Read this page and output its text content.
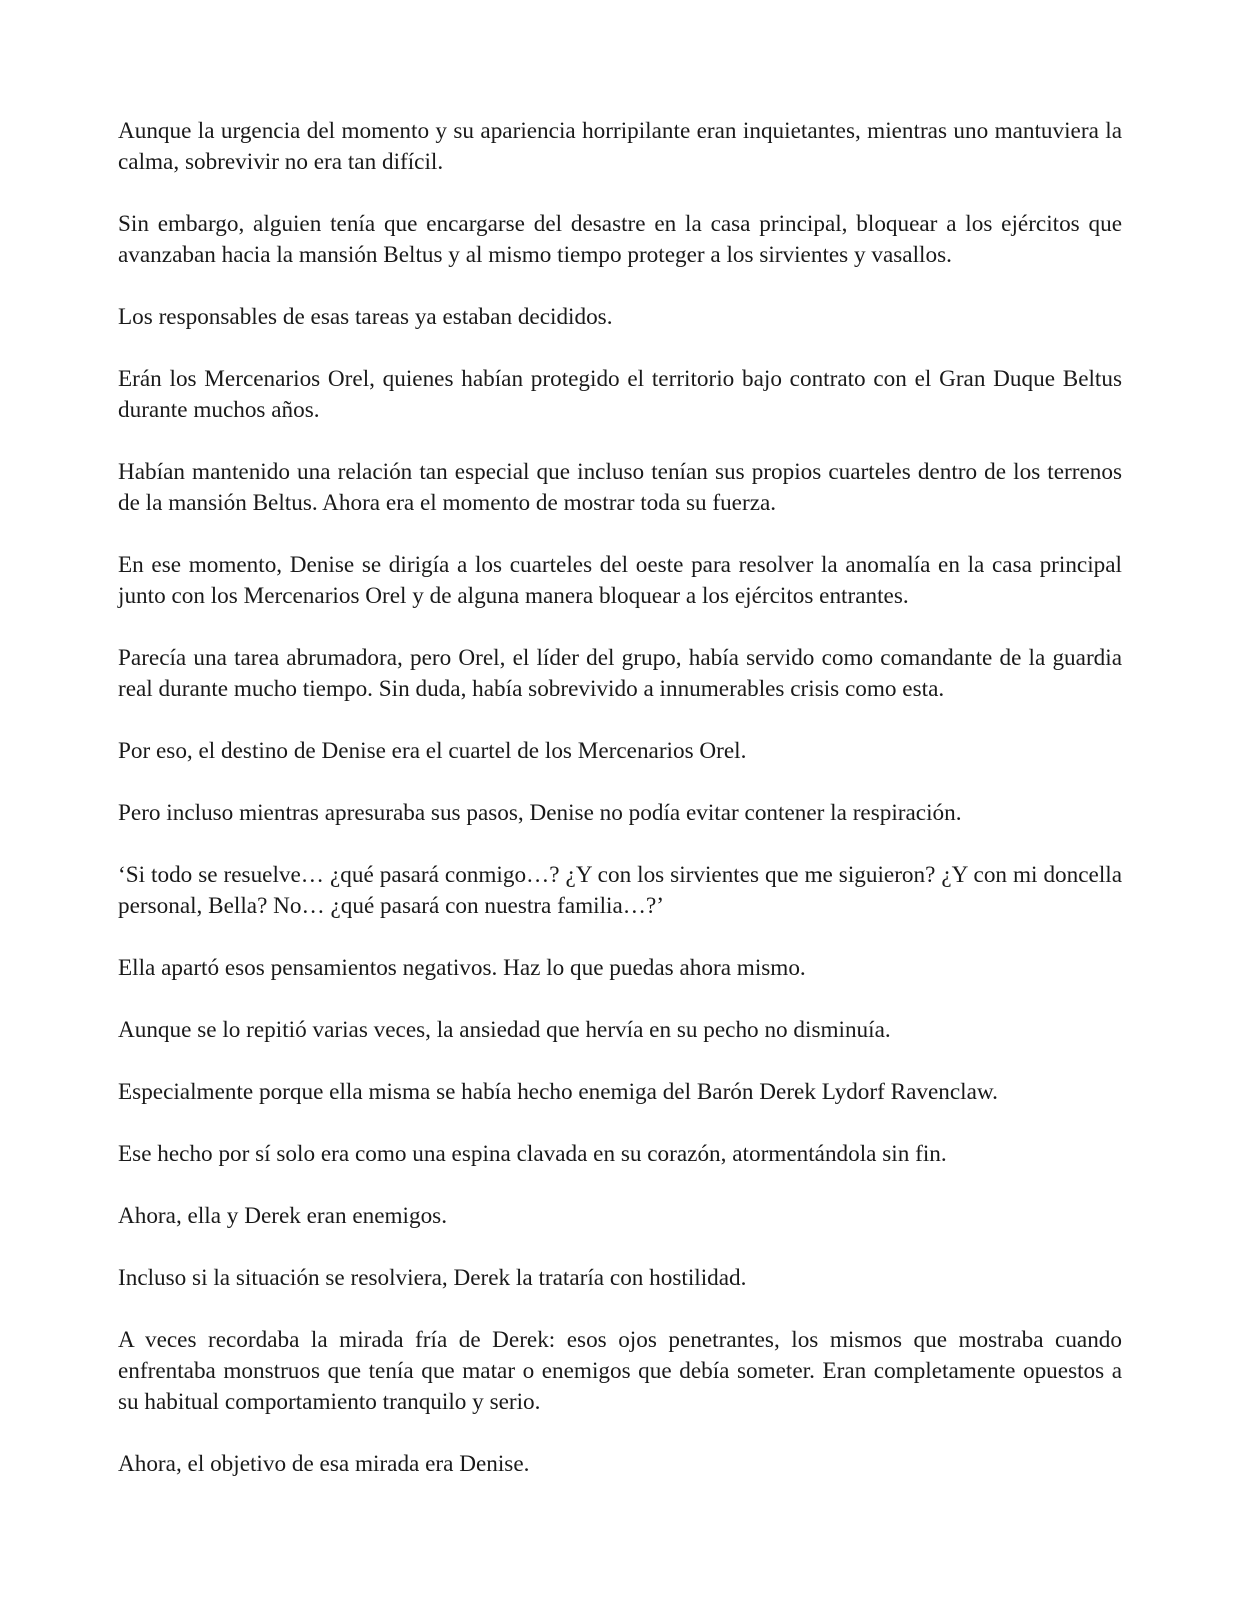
Aunque la urgencia del momento y su apariencia horripilante eran inquietantes, mientras uno mantuviera la calma, sobrevivir no era tan difícil.

Sin embargo, alguien tenía que encargarse del desastre en la casa principal, bloquear a los ejércitos que avanzaban hacia la mansión Beltus y al mismo tiempo proteger a los sirvientes y vasallos.

Los responsables de esas tareas ya estaban decididos.

Erán los Mercenarios Orel, quienes habían protegido el territorio bajo contrato con el Gran Duque Beltus durante muchos años.

Habían mantenido una relación tan especial que incluso tenían sus propios cuarteles dentro de los terrenos de la mansión Beltus. Ahora era el momento de mostrar toda su fuerza.

En ese momento, Denise se dirigía a los cuarteles del oeste para resolver la anomalía en la casa principal junto con los Mercenarios Orel y de alguna manera bloquear a los ejércitos entrantes.

Parecía una tarea abrumadora, pero Orel, el líder del grupo, había servido como comandante de la guardia real durante mucho tiempo. Sin duda, había sobrevivido a innumerables crisis como esta.

Por eso, el destino de Denise era el cuartel de los Mercenarios Orel.

Pero incluso mientras apresuraba sus pasos, Denise no podía evitar contener la respiración.

‘Si todo se resuelve… ¿qué pasará conmigo…? ¿Y con los sirvientes que me siguieron? ¿Y con mi doncella personal, Bella? No… ¿qué pasará con nuestra familia…?’

Ella apartó esos pensamientos negativos. Haz lo que puedas ahora mismo.

Aunque se lo repitió varias veces, la ansiedad que hervía en su pecho no disminuía.

Especialmente porque ella misma se había hecho enemiga del Barón Derek Lydorf Ravenclaw.

Ese hecho por sí solo era como una espina clavada en su corazón, atormentándola sin fin.

Ahora, ella y Derek eran enemigos.

Incluso si la situación se resolviera, Derek la trataría con hostilidad.

A veces recordaba la mirada fría de Derek: esos ojos penetrantes, los mismos que mostraba cuando enfrentaba monstruos que tenía que matar o enemigos que debía someter. Eran completamente opuestos a su habitual comportamiento tranquilo y serio.

Ahora, el objetivo de esa mirada era Denise.
